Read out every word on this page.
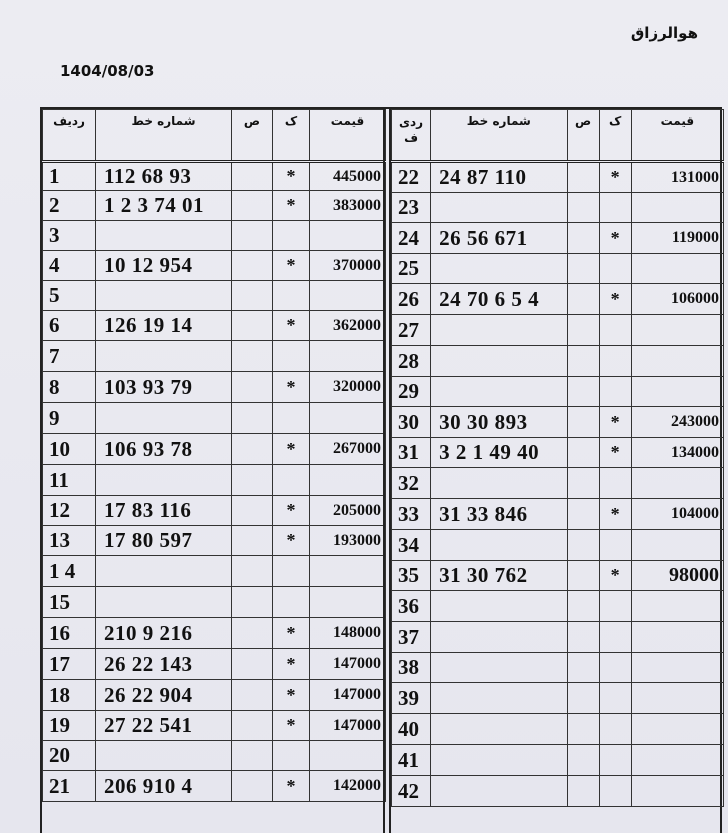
هوالرزاق
1404/08/03
ردیف	شماره خط	ص	ک	قیمت
1	112 68 93		*	445000
2	1 2 3 74 01		*	383000
3				
4	10 12 954		*	370000
5				
6	126 19 14		*	362000
7				
8	103 93 79		*	320000
9				
10	106 93 78		*	267000
11				
12	17 83 116		*	205000
13	17 80 597		*	193000
1 4				
15				
16	210 9 216		*	148000
17	26 22 143		*	147000
18	26 22 904		*	147000
19	27 22 541		*	147000
20				
21	206 910 4		*	142000
ردی ف	شماره خط	ص	ک	قیمت
22	24 87 110		*	131000
23				
24	26 56 671		*	119000
25				
26	24 70 6 5 4		*	106000
27				
28				
29				
30	30 30 893		*	243000
31	3 2 1 49 40		*	134000
32				
33	31 33 846		*	104000
34				
35	31 30 762		*	98000
36				
37				
38				
39				
40				
41				
42				
